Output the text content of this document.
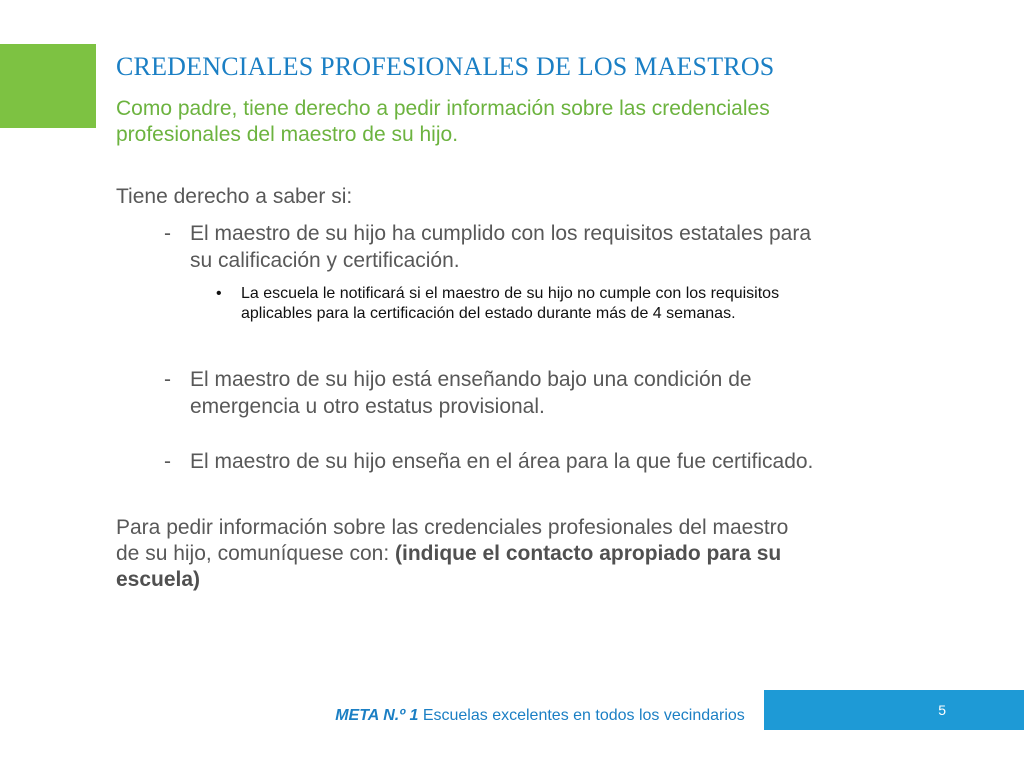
CREDENCIALES PROFESIONALES DE LOS MAESTROS

Como padre, tiene derecho a pedir información sobre las credenciales profesionales del maestro de su hijo.

Tiene derecho a saber si:

- El maestro de su hijo ha cumplido con los requisitos estatales para su calificación y certificación.

• La escuela le notificará si el maestro de su hijo no cumple con los requisitos aplicables para la certificación del estado durante más de 4 semanas.

- El maestro de su hijo está enseñando bajo una condición de emergencia u otro estatus provisional.

- El maestro de su hijo enseña en el área para la que fue certificado.

Para pedir información sobre las credenciales profesionales del maestro de su hijo, comuníquese con: (indique el contacto apropiado para su escuela)

META N.º 1 Escuelas excelentes en todos los vecindarios	5
